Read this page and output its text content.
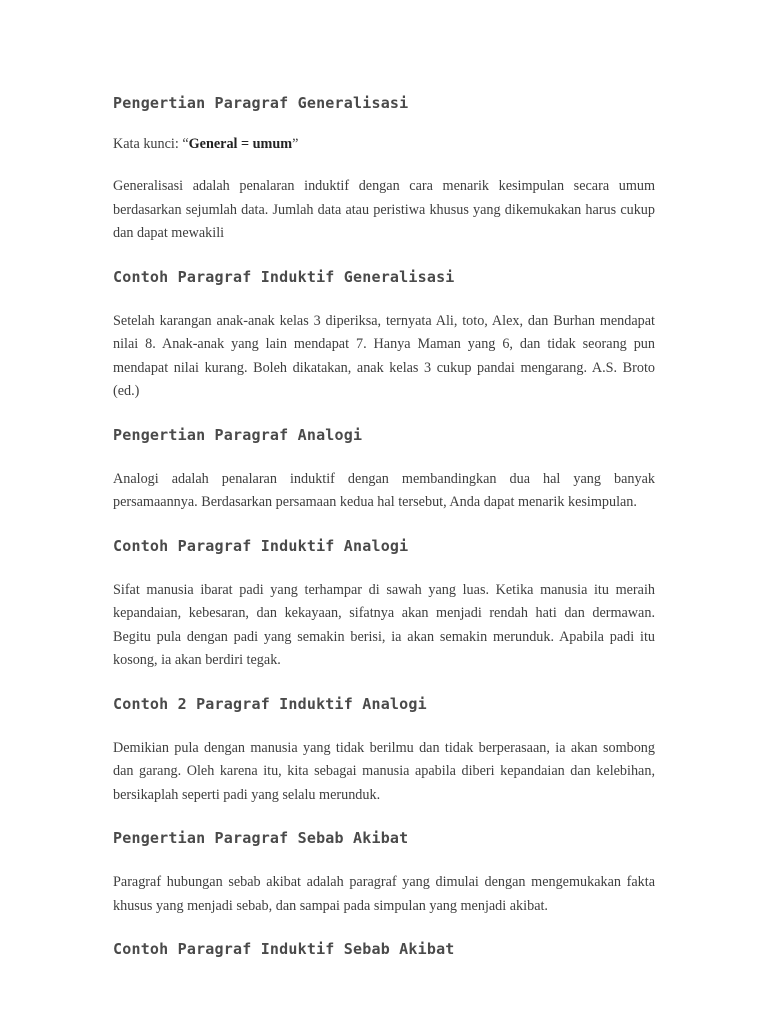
Pengertian Paragraf Generalisasi

Kata kunci: “General = umum”

Generalisasi adalah penalaran induktif dengan cara menarik kesimpulan secara umum berdasarkan sejumlah data. Jumlah data atau peristiwa khusus yang dikemukakan harus cukup dan dapat mewakili

Contoh Paragraf Induktif Generalisasi

Setelah karangan anak-anak kelas 3 diperiksa, ternyata Ali, toto, Alex, dan Burhan mendapat nilai 8. Anak-anak yang lain mendapat 7. Hanya Maman yang 6, dan tidak seorang pun mendapat nilai kurang. Boleh dikatakan, anak kelas 3 cukup pandai mengarang. A.S. Broto (ed.)

Pengertian Paragraf Analogi

Analogi adalah penalaran induktif dengan membandingkan dua hal yang banyak persamaannya. Berdasarkan persamaan kedua hal tersebut, Anda dapat menarik kesimpulan.

Contoh Paragraf Induktif Analogi

Sifat manusia ibarat padi yang terhampar di sawah yang luas. Ketika manusia itu meraih kepandaian, kebesaran, dan kekayaan, sifatnya akan menjadi rendah hati dan dermawan. Begitu pula dengan padi yang semakin berisi, ia akan semakin merunduk. Apabila padi itu kosong, ia akan berdiri tegak.

Contoh 2 Paragraf Induktif Analogi

Demikian pula dengan manusia yang tidak berilmu dan tidak berperasaan, ia akan sombong dan garang. Oleh karena itu, kita sebagai manusia apabila diberi kepandaian dan kelebihan, bersikaplah seperti padi yang selalu merunduk.

Pengertian Paragraf Sebab Akibat

Paragraf hubungan sebab akibat adalah paragraf yang dimulai dengan mengemukakan fakta khusus yang menjadi sebab, dan sampai pada simpulan yang menjadi akibat.

Contoh Paragraf Induktif Sebab Akibat
